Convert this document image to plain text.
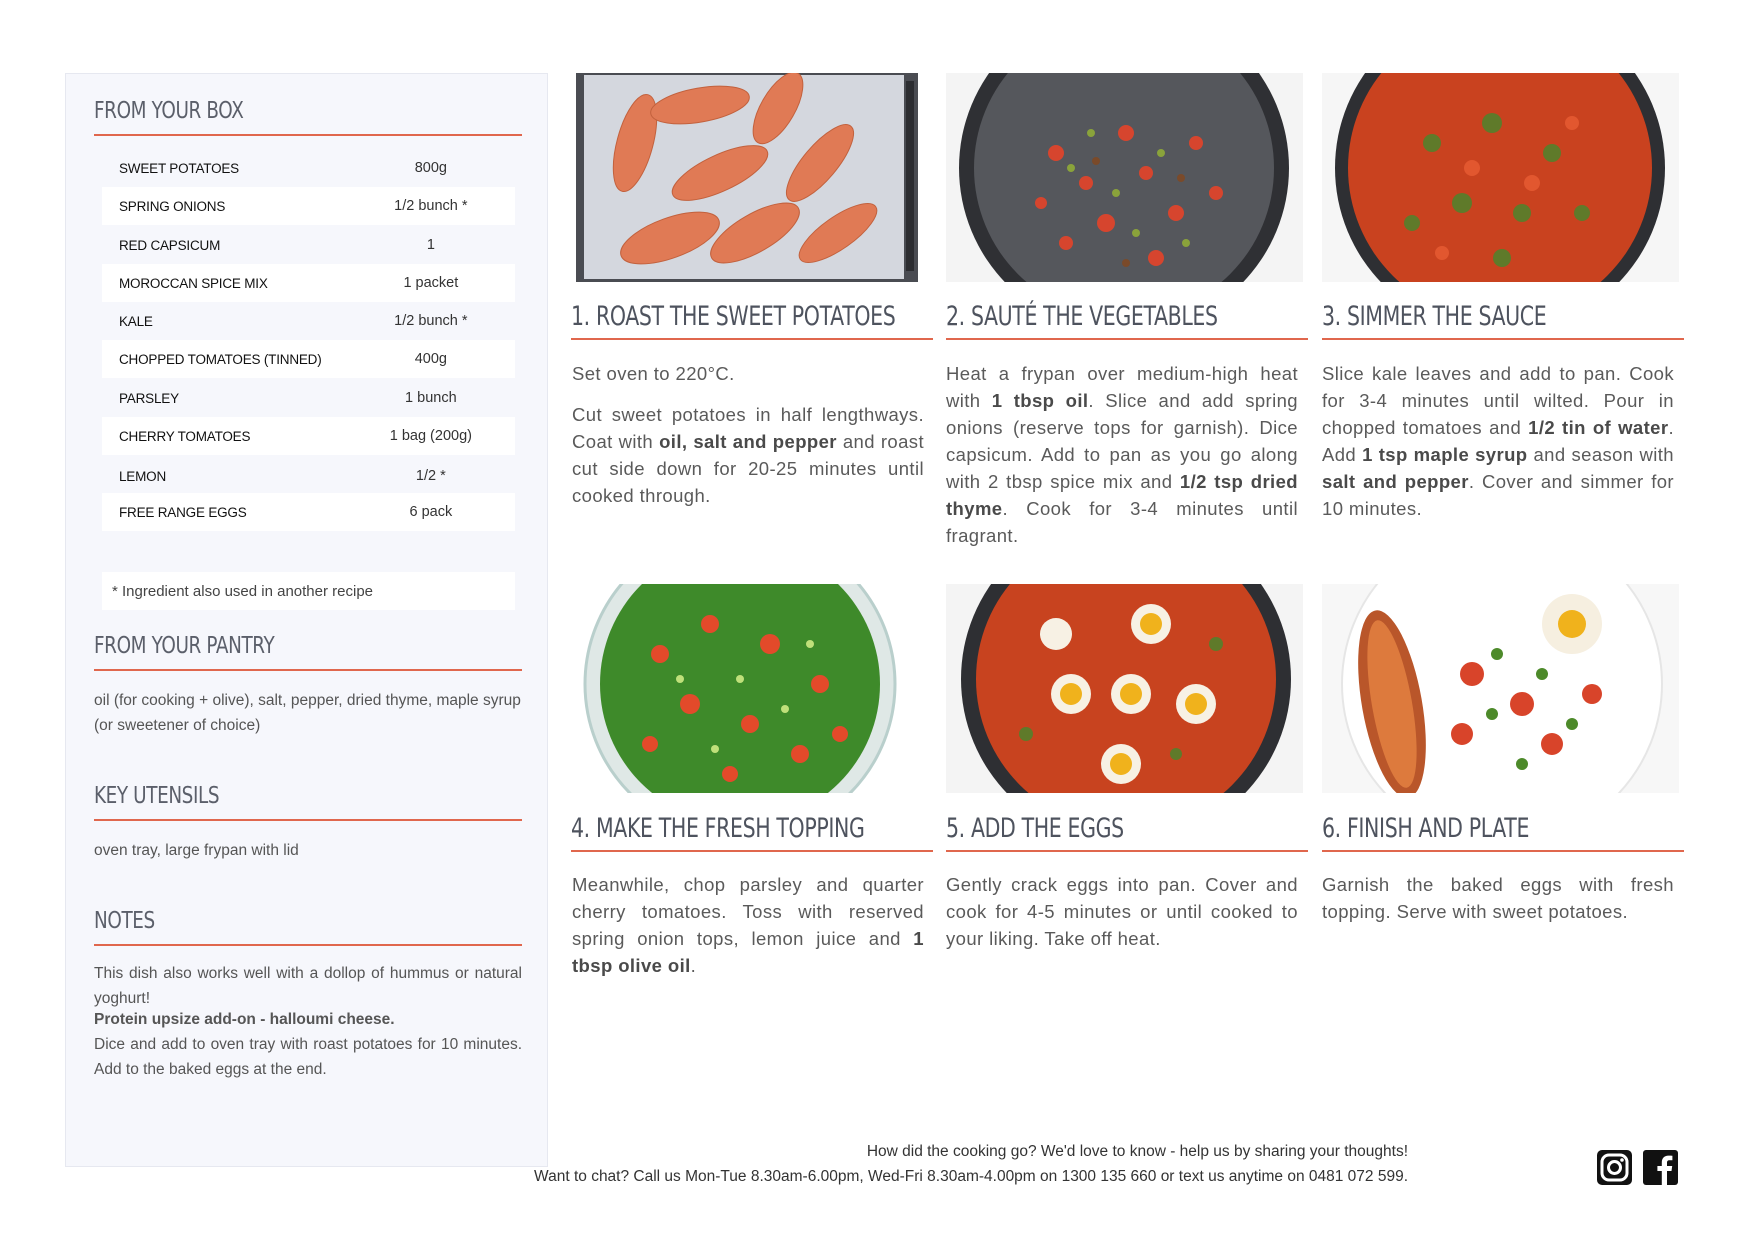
FROM YOUR BOX
SWEET POTATOES	800g
SPRING ONIONS	1/2 bunch *
RED CAPSICUM	1
MOROCCAN SPICE MIX	1 packet
KALE	1/2 bunch *
CHOPPED TOMATOES (TINNED)	400g
PARSLEY	1 bunch
CHERRY TOMATOES	1 bag (200g)
LEMON	1/2 *
FREE RANGE EGGS	6 pack
* Ingredient also used in another recipe
FROM YOUR PANTRY
oil (for cooking + olive), salt, pepper, dried thyme, maple syrup (or sweetener of choice)
KEY UTENSILS
oven tray, large frypan with lid
NOTES
This dish also works well with a dollop of hummus or natural yoghurt!
Protein upsize add-on - halloumi cheese.
Dice and add to oven tray with roast potatoes for 10 minutes. Add to the baked eggs at the end.
1. ROAST THE SWEET POTATOES 2. SAUTÉ THE VEGETABLES	3. SIMMER THE SAUCE

Set oven to 220°C.

Cut sweet potatoes in half lengthways. Coat with oil, salt and pepper and roast cut side down for 20-25 minutes until cooked through.

Heat a frypan over medium-high heat with 1 tbsp oil. Slice and add spring onions (reserve tops for garnish). Dice capsicum. Add to pan as you go along with 2 tbsp spice mix and 1/2 tsp dried thyme. Cook for 3-4 minutes until fragrant.

Slice kale leaves and add to pan. Cook for 3-4 minutes until wilted. Pour in chopped tomatoes and 1/2 tin of water. Add 1 tsp maple syrup and season with salt and pepper. Cover and simmer for 10 minutes.

4. MAKE THE FRESH TOPPING	5. ADD THE EGGS	6. FINISH AND PLATE

Meanwhile, chop parsley and quarter cherry tomatoes. Toss with reserved spring onion tops, lemon juice and 1 tbsp olive oil.

Gently crack eggs into pan. Cover and cook for 4-5 minutes or until cooked to your liking. Take off heat.

Garnish the baked eggs with fresh topping. Serve with sweet potatoes.

How did the cooking go? We'd love to know - help us by sharing your thoughts!
Want to chat? Call us Mon-Tue 8.30am-6.00pm, Wed-Fri 8.30am-4.00pm on 1300 135 660 or text us anytime on 0481 072 599.
